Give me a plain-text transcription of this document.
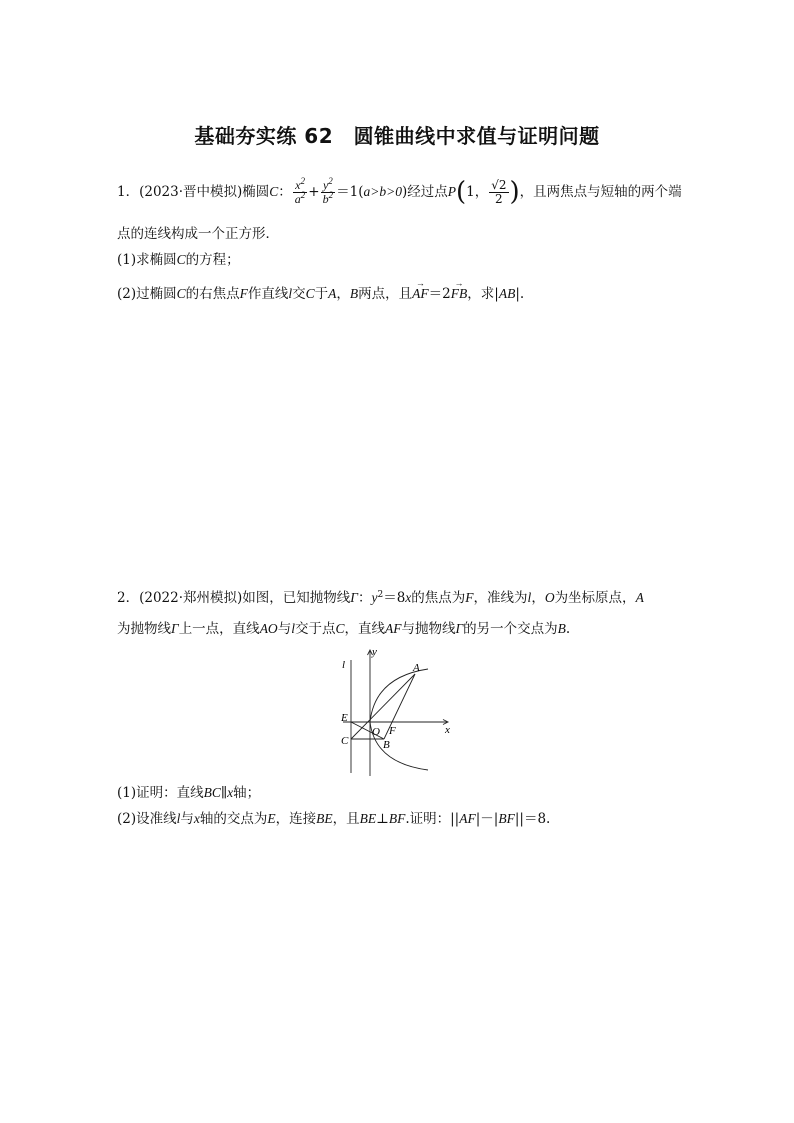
基础夯实练 62　圆锥曲线中求值与证明问题
1． (2023·晋中模拟) 椭圆 C ： $\frac{x^2}{a^2} + \frac{y^2}{b^2} =1$( a>b>0 )经过点 P ( 1， $\frac{√2}{2}$ ) ，且两焦点与短轴的两个端
点的连线构成一个正方形．
(1)求椭圆C的方程；
(2)过椭圆C的右焦点F作直线l交C于A，B两点，且→ AF＝2→ FB，求|AB|.
2．(2022·郑州模拟)如图，已知抛物线Γ：$y^2=8x$的焦点为F，准线为l，O为坐标原点，A
为抛物线Γ上一点，直线AO与l交于点C，直线AF与抛物线Γ的另一个交点为B.
l
y
A
E
O F	x
C	B
(1)证明：直线BC∥x轴；
(2)设准线l与x轴的交点为E，连接BE，且BE⊥BF.证明：||AF|－|BF||＝8.
